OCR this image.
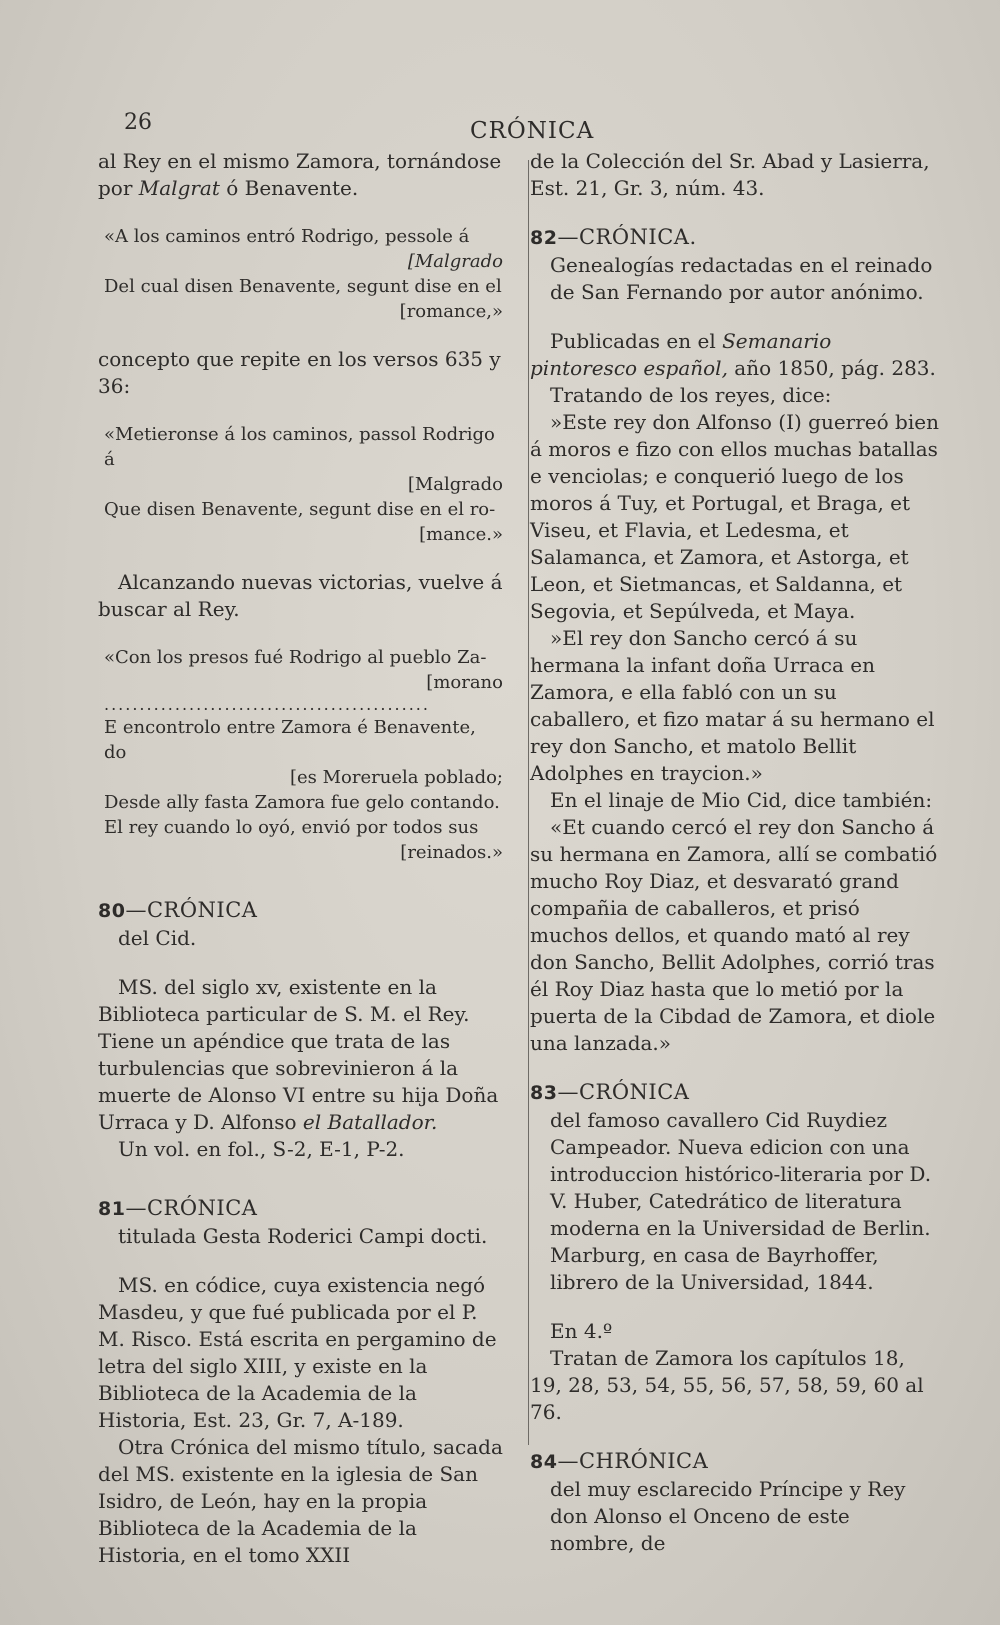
26	CRÓNICA

al Rey en el mismo Zamora, tornándose por Malgrat ó Benavente.

«A los caminos entró Rodrigo, pessole á
[Malgrado
Del cual disen Benavente, segunt dise en el
[romance,»

concepto que repite en los versos 635 y 36:

«Metieronse á los caminos, passol Rodrigo á
[Malgrado
Que disen Benavente, segunt dise en el ro-
[mance.»

Alcanzando nuevas victorias, vuelve á buscar al Rey.

«Con los presos fué Rodrigo al pueblo Za-
[morano
..............................................
E encontrolo entre Zamora é Benavente, do
[es Moreruela poblado;
Desde ally fasta Zamora fue gelo contando.
El rey cuando lo oyó, envió por todos sus
[reinados.»
80—CRÓNICA

del Cid.

MS. del siglo xv, existente en la Biblioteca particular de S. M. el Rey. Tiene un apéndice que trata de las turbulencias que sobrevinieron á la muerte de Alonso VI entre su hija Doña Urraca y D. Alfonso el Batallador.

Un vol. en fol., S-2, E-1, P-2.

81—CRÓNICA

titulada Gesta Roderici Campi docti.

MS. en códice, cuya existencia negó Masdeu, y que fué publicada por el P. M. Risco. Está escrita en pergamino de letra del siglo XIII, y existe en la Biblioteca de la Academia de la Historia, Est. 23, Gr. 7, A-189.

Otra Crónica del mismo título, sacada del MS. existente en la iglesia de San Isidro, de León, hay en la propia Biblioteca de la Academia de la Historia, en el tomo XXII

de la Colección del Sr. Abad y Lasierra, Est. 21, Gr. 3, núm. 43.

82—CRÓNICA.

Genealogías redactadas en el reinado de San Fernando por autor anónimo.

Publicadas en el Semanario pintoresco español, año 1850, pág. 283.

Tratando de los reyes, dice:

»Este rey don Alfonso (I) guerreó bien á moros e fizo con ellos muchas batallas e venciolas; e conquerió luego de los moros á Tuy, et Portugal, et Braga, et Viseu, et Flavia, et Ledesma, et Salamanca, et Zamora, et Astorga, et Leon, et Sietmancas, et Saldanna, et Segovia, et Sepúlveda, et Maya.

»El rey don Sancho cercó á su hermana la infant doña Urraca en Zamora, e ella fabló con un su caballero, et fizo matar á su hermano el rey don Sancho, et matolo Bellit Adolphes en traycion.»

En el linaje de Mio Cid, dice también:

«Et cuando cercó el rey don Sancho á su hermana en Zamora, allí se combatió mucho Roy Diaz, et desvarató grand compañia de caballeros, et prisó muchos dellos, et quando mató al rey don Sancho, Bellit Adolphes, corrió tras él Roy Diaz hasta que lo metió por la puerta de la Cibdad de Zamora, et diole una lanzada.»

83—CRÓNICA

del famoso cavallero Cid Ruydiez Campeador. Nueva edicion con una introduccion histórico-literaria por D. V. Huber, Catedrático de literatura moderna en la Universidad de Berlin. Marburg, en casa de Bayrhoffer, librero de la Universidad, 1844.

En 4.º

Tratan de Zamora los capítulos 18, 19, 28, 53, 54, 55, 56, 57, 58, 59, 60 al 76.

84—CHRÓNICA

del muy esclarecido Príncipe y Rey don Alonso el Onceno de este nombre, de
